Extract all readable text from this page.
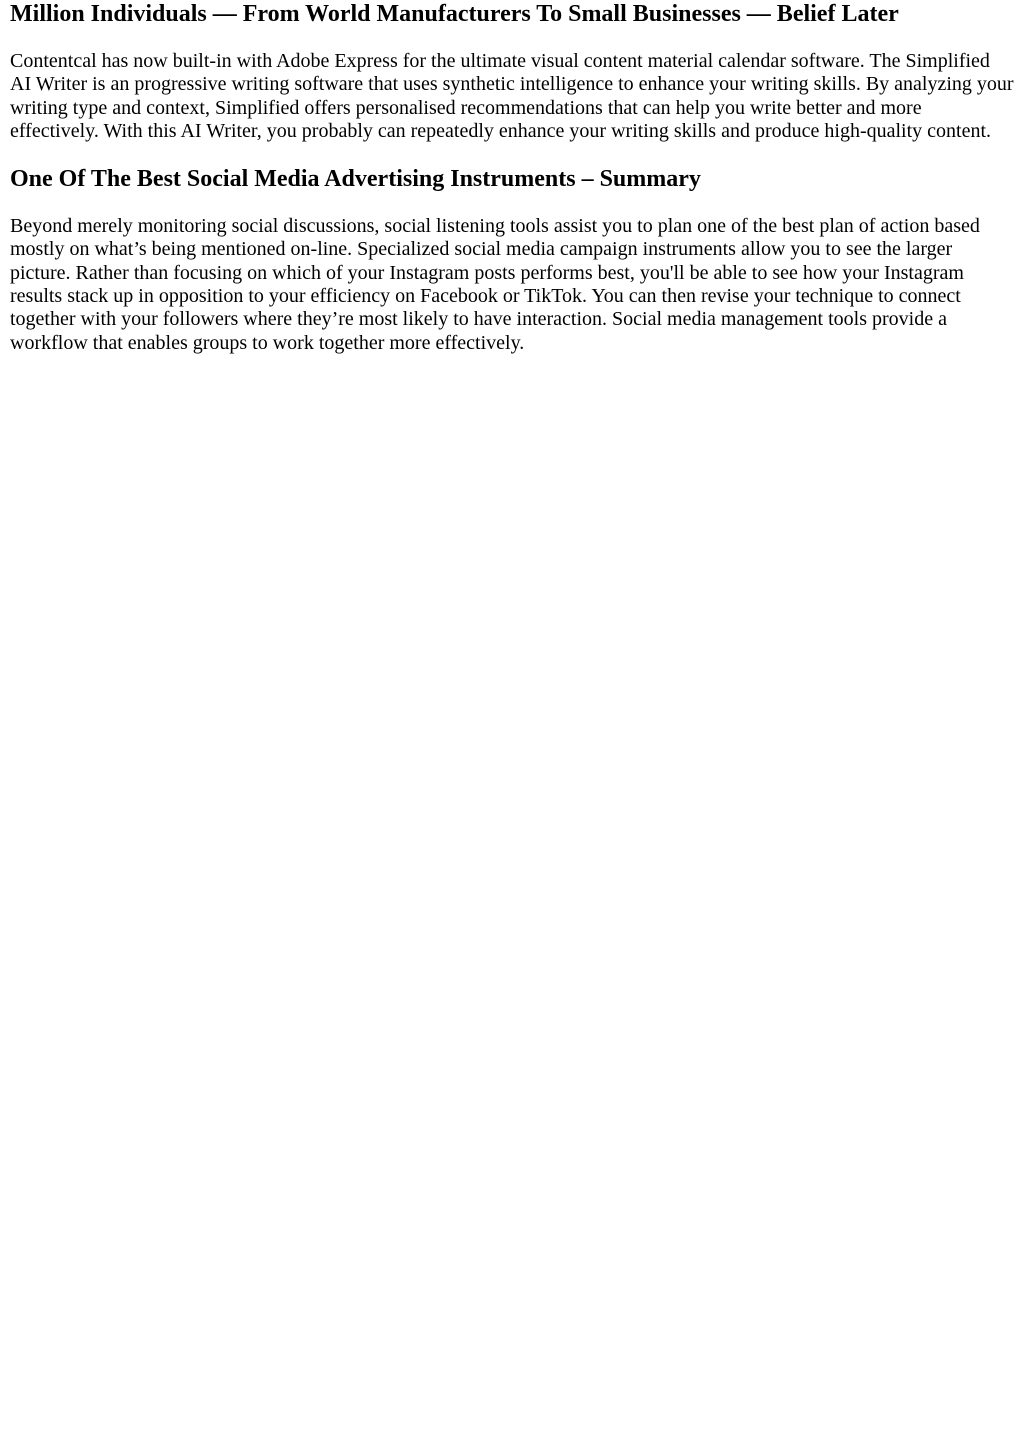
Million Individuals — From World Manufacturers To Small Businesses — Belief Later

Contentcal has now built-in with Adobe Express for the ultimate visual content material calendar software. The Simplified AI Writer is an progressive writing software that uses synthetic intelligence to enhance your writing skills. By analyzing your writing type and context, Simplified offers personalised recommendations that can help you write better and more effectively. With this AI Writer, you probably can repeatedly enhance your writing skills and produce high-quality content.

One Of The Best Social Media Advertising Instruments – Summary

Beyond merely monitoring social discussions, social listening tools assist you to plan one of the best plan of action based mostly on what’s being mentioned on-line. Specialized social media campaign instruments allow you to see the larger picture. Rather than focusing on which of your Instagram posts performs best, you'll be able to see how your Instagram results stack up in opposition to your efficiency on Facebook or TikTok. You can then revise your technique to connect together with your followers where they’re most likely to have interaction. Social media management tools provide a workflow that enables groups to work together more effectively.
